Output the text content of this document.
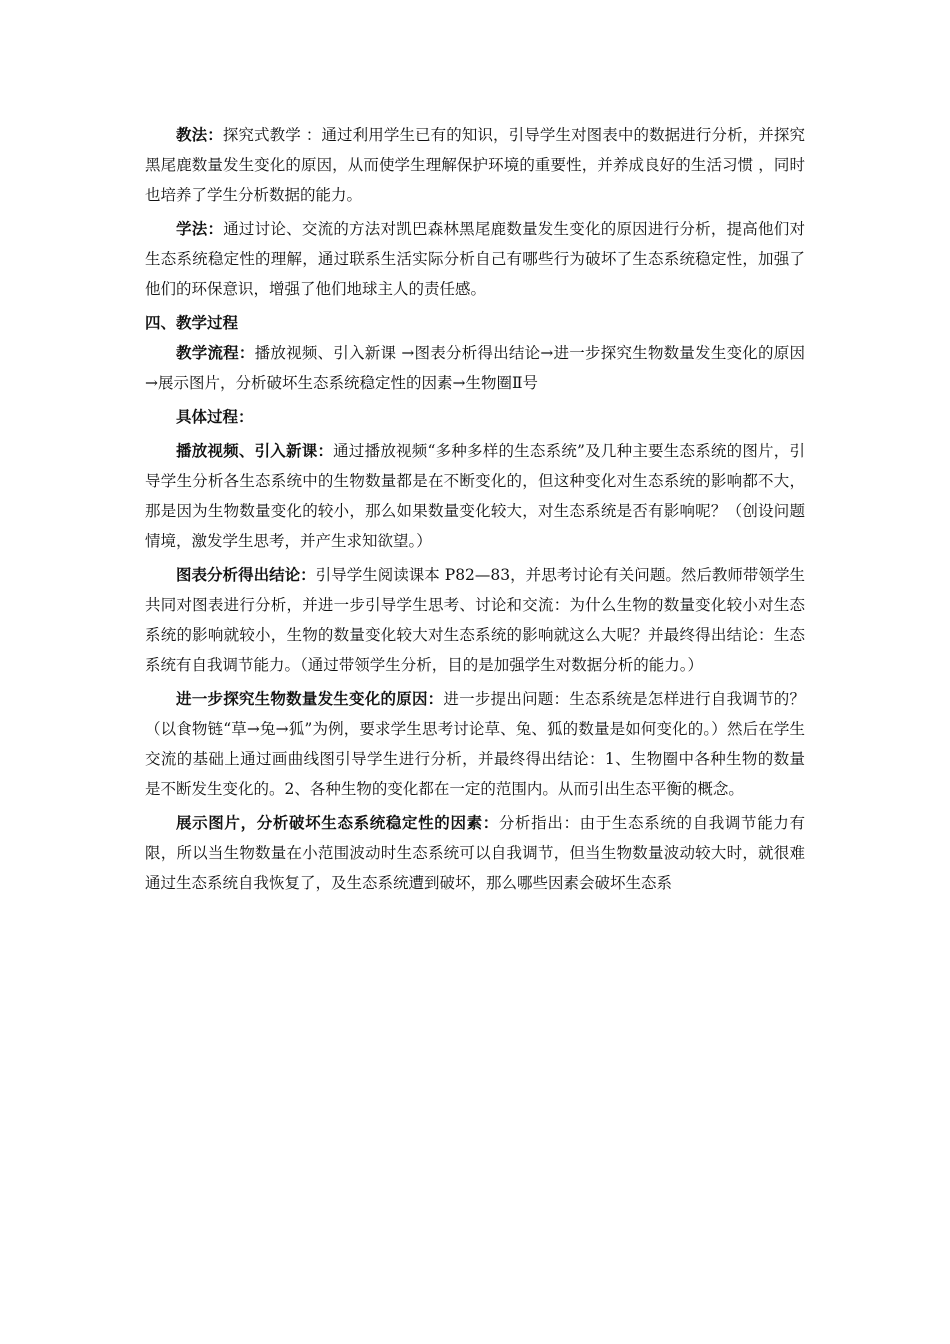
教法：探究式教学 ：通过利用学生已有的知识，引导学生对图表中的数据进行分析，并探究黑尾鹿数量发生变化的原因，从而使学生理解保护环境的重要性，并养成良好的生活习惯 ，同时也培养了学生分析数据的能力。

学法：通过讨论、交流的方法对凯巴森林黑尾鹿数量发生变化的原因进行分析，提高他们对生态系统稳定性的理解，通过联系生活实际分析自己有哪些行为破坏了生态系统稳定性，加强了他们的环保意识，增强了他们地球主人的责任感。

四、教学过程

教学流程：播放视频、引入新课 →图表分析得出结论→进一步探究生物数量发生变化的原因→展示图片，分析破坏生态系统稳定性的因素→生物圈Ⅱ号

具体过程：

播放视频、引入新课：通过播放视频“多种多样的生态系统”及几种主要生态系统的图片，引导学生分析各生态系统中的生物数量都是在不断变化的，但这种变化对生态系统的影响都不大，那是因为生物数量变化的较小，那么如果数量变化较大，对生态系统是否有影响呢？（创设问题情境，激发学生思考，并产生求知欲望。）

图表分析得出结论：引导学生阅读课本 P82—83，并思考讨论有关问题。然后教师带领学生共同对图表进行分析，并进一步引导学生思考、讨论和交流：为什么生物的数量变化较小对生态系统的影响就较小，生物的数量变化较大对生态系统的影响就这么大呢？并最终得出结论：生态系统有自我调节能力。（通过带领学生分析，目的是加强学生对数据分析的能力。）

进一步探究生物数量发生变化的原因：进一步提出问题：生态系统是怎样进行自我调节的？（以食物链“草→兔→狐”为例，要求学生思考讨论草、兔、狐的数量是如何变化的。）然后在学生交流的基础上通过画曲线图引导学生进行分析，并最终得出结论：1、生物圈中各种生物的数量是不断发生变化的。2、各种生物的变化都在一定的范围内。从而引出生态平衡的概念。

展示图片，分析破坏生态系统稳定性的因素：分析指出：由于生态系统的自我调节能力有限，所以当生物数量在小范围波动时生态系统可以自我调节，但当生物数量波动较大时，就很难通过生态系统自我恢复了，及生态系统遭到破坏，那么哪些因素会破坏生态系
